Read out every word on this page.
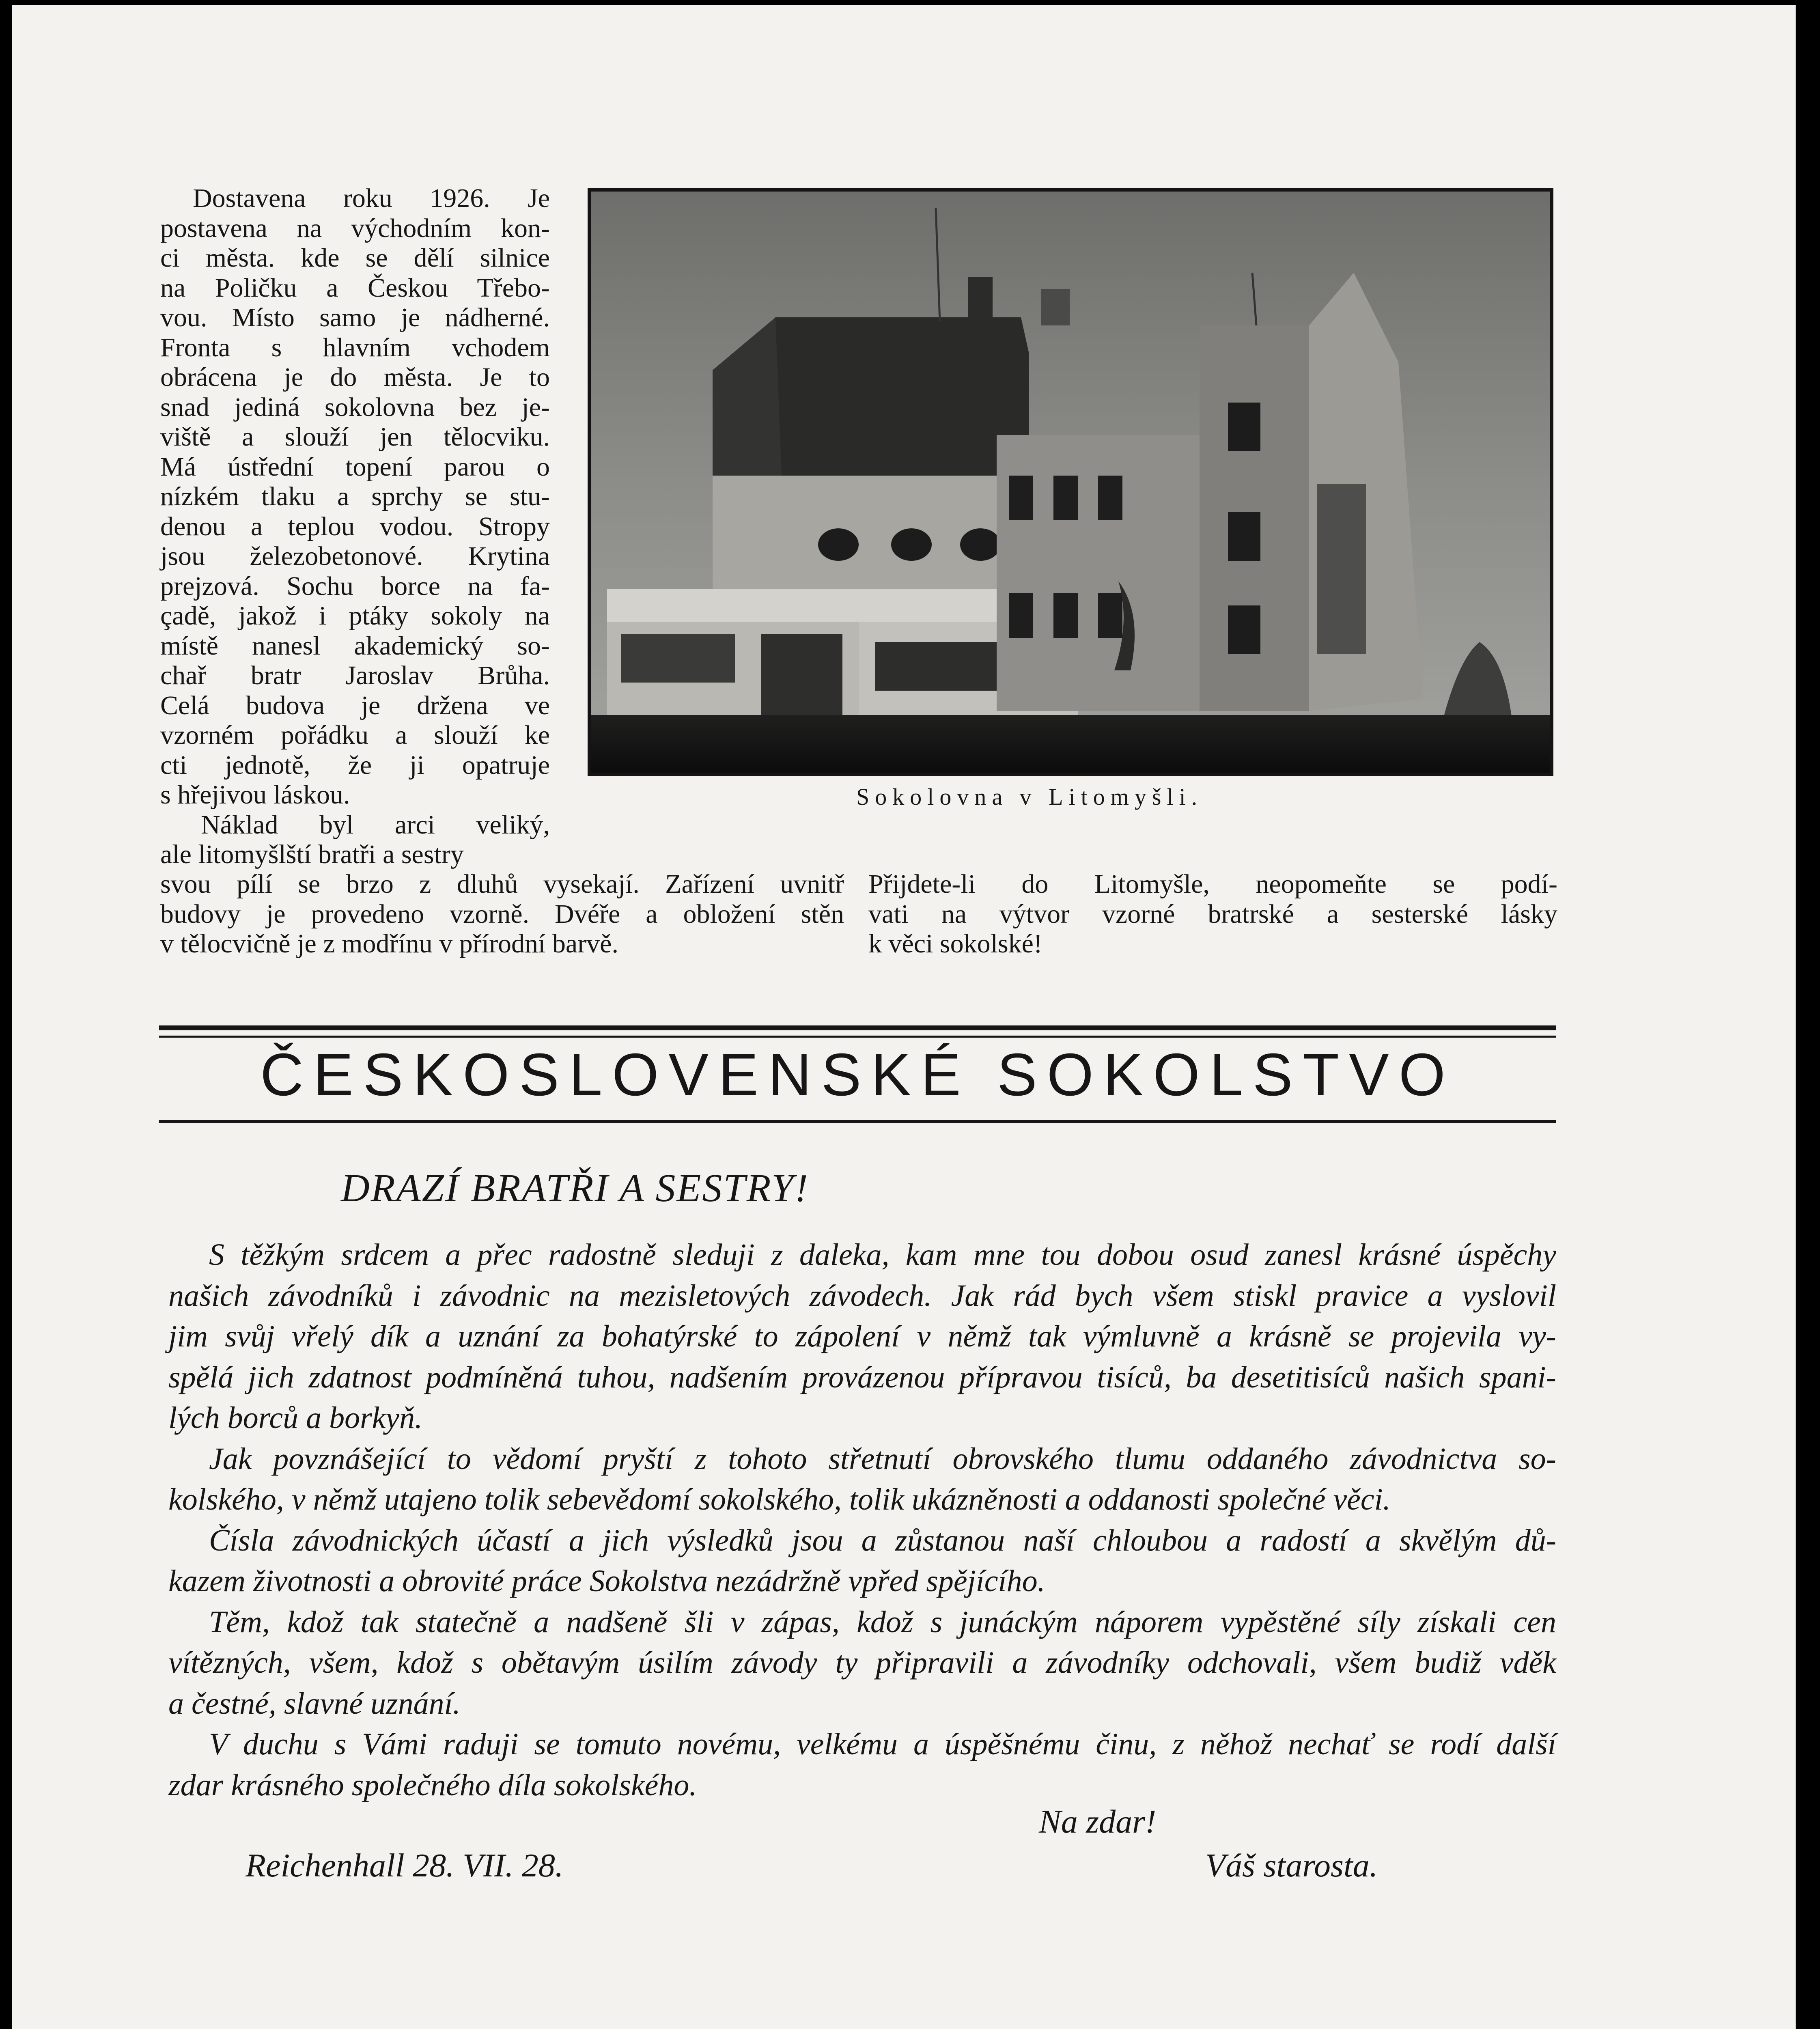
Dostavena roku 1926. Je
postavena na východním kon-
ci města. kde se dělí silnice
na Poličku a Českou Třebo-
vou. Místo samo je nádherné.
Fronta s hlavním vchodem
obrácena je do města. Je to
snad jediná sokolovna bez je-
viště a slouží jen tělocviku.
Má ústřední topení parou o
nízkém tlaku a sprchy se stu-
denou a teplou vodou. Stropy
jsou železobetonové. Krytina
prejzová. Sochu borce na fa-
çadě, jakož i ptáky sokoly na
místě nanesl akademický so-
chař bratr Jaroslav Brůha.
Celá budova je držena ve
vzorném pořádku a slouží ke
cti jednotě, že ji opatruje
s hřejivou láskou.
Náklad byl arci veliký,
ale litomyšlští bratři a sestry
Sokolovna v Litomyšli.
svou pílí se brzo z dluhů vysekají. Zařízení uvnitř
budovy je provedeno vzorně. Dvéře a obložení stěn
v tělocvičně je z modřínu v přírodní barvě.
Přijdete-li do Litomyšle, neopomeňte se podí-
vati na výtvor vzorné bratrské a sesterské lásky
k věci sokolské!
ČESKOSLOVENSKÉ SOKOLSTVO
DRAZÍ BRATŘI A SESTRY!
S těžkým srdcem a přec radostně sleduji z daleka, kam mne tou dobou osud zanesl krásné úspěchy
našich závodníků i závodnic na mezisletových závodech. Jak rád bych všem stiskl pravice a vyslovil
jim svůj vřelý dík a uznání za bohatýrské to zápolení v němž tak výmluvně a krásně se projevila vy-
spělá jich zdatnost podmíněná tuhou, nadšením provázenou přípravou tisíců, ba desetitisíců našich spani-
lých borců a borkyň.
Jak povznášející to vědomí pryští z tohoto střetnutí obrovského tlumu oddaného závodnictva so-
kolského, v němž utajeno tolik sebevědomí sokolského, tolik ukázněnosti a oddanosti společné věci.
Čísla závodnických účastí a jich výsledků jsou a zůstanou naší chloubou a radostí a skvělým dů-
kazem životnosti a obrovité práce Sokolstva nezádržně vpřed spějícího.
Těm, kdož tak statečně a nadšeně šli v zápas, kdož s junáckým náporem vypěstěné síly získali cen
vítězných, všem, kdož s obětavým úsilím závody ty připravili a závodníky odchovali, všem budiž vděk
a čestné, slavné uznání.
V duchu s Vámi raduji se tomuto novému, velkému a úspěšnému činu, z něhož nechať se rodí další
zdar krásného společného díla sokolského.
Na zdar!
Reichenhall 28. VII. 28.	Váš starosta.
